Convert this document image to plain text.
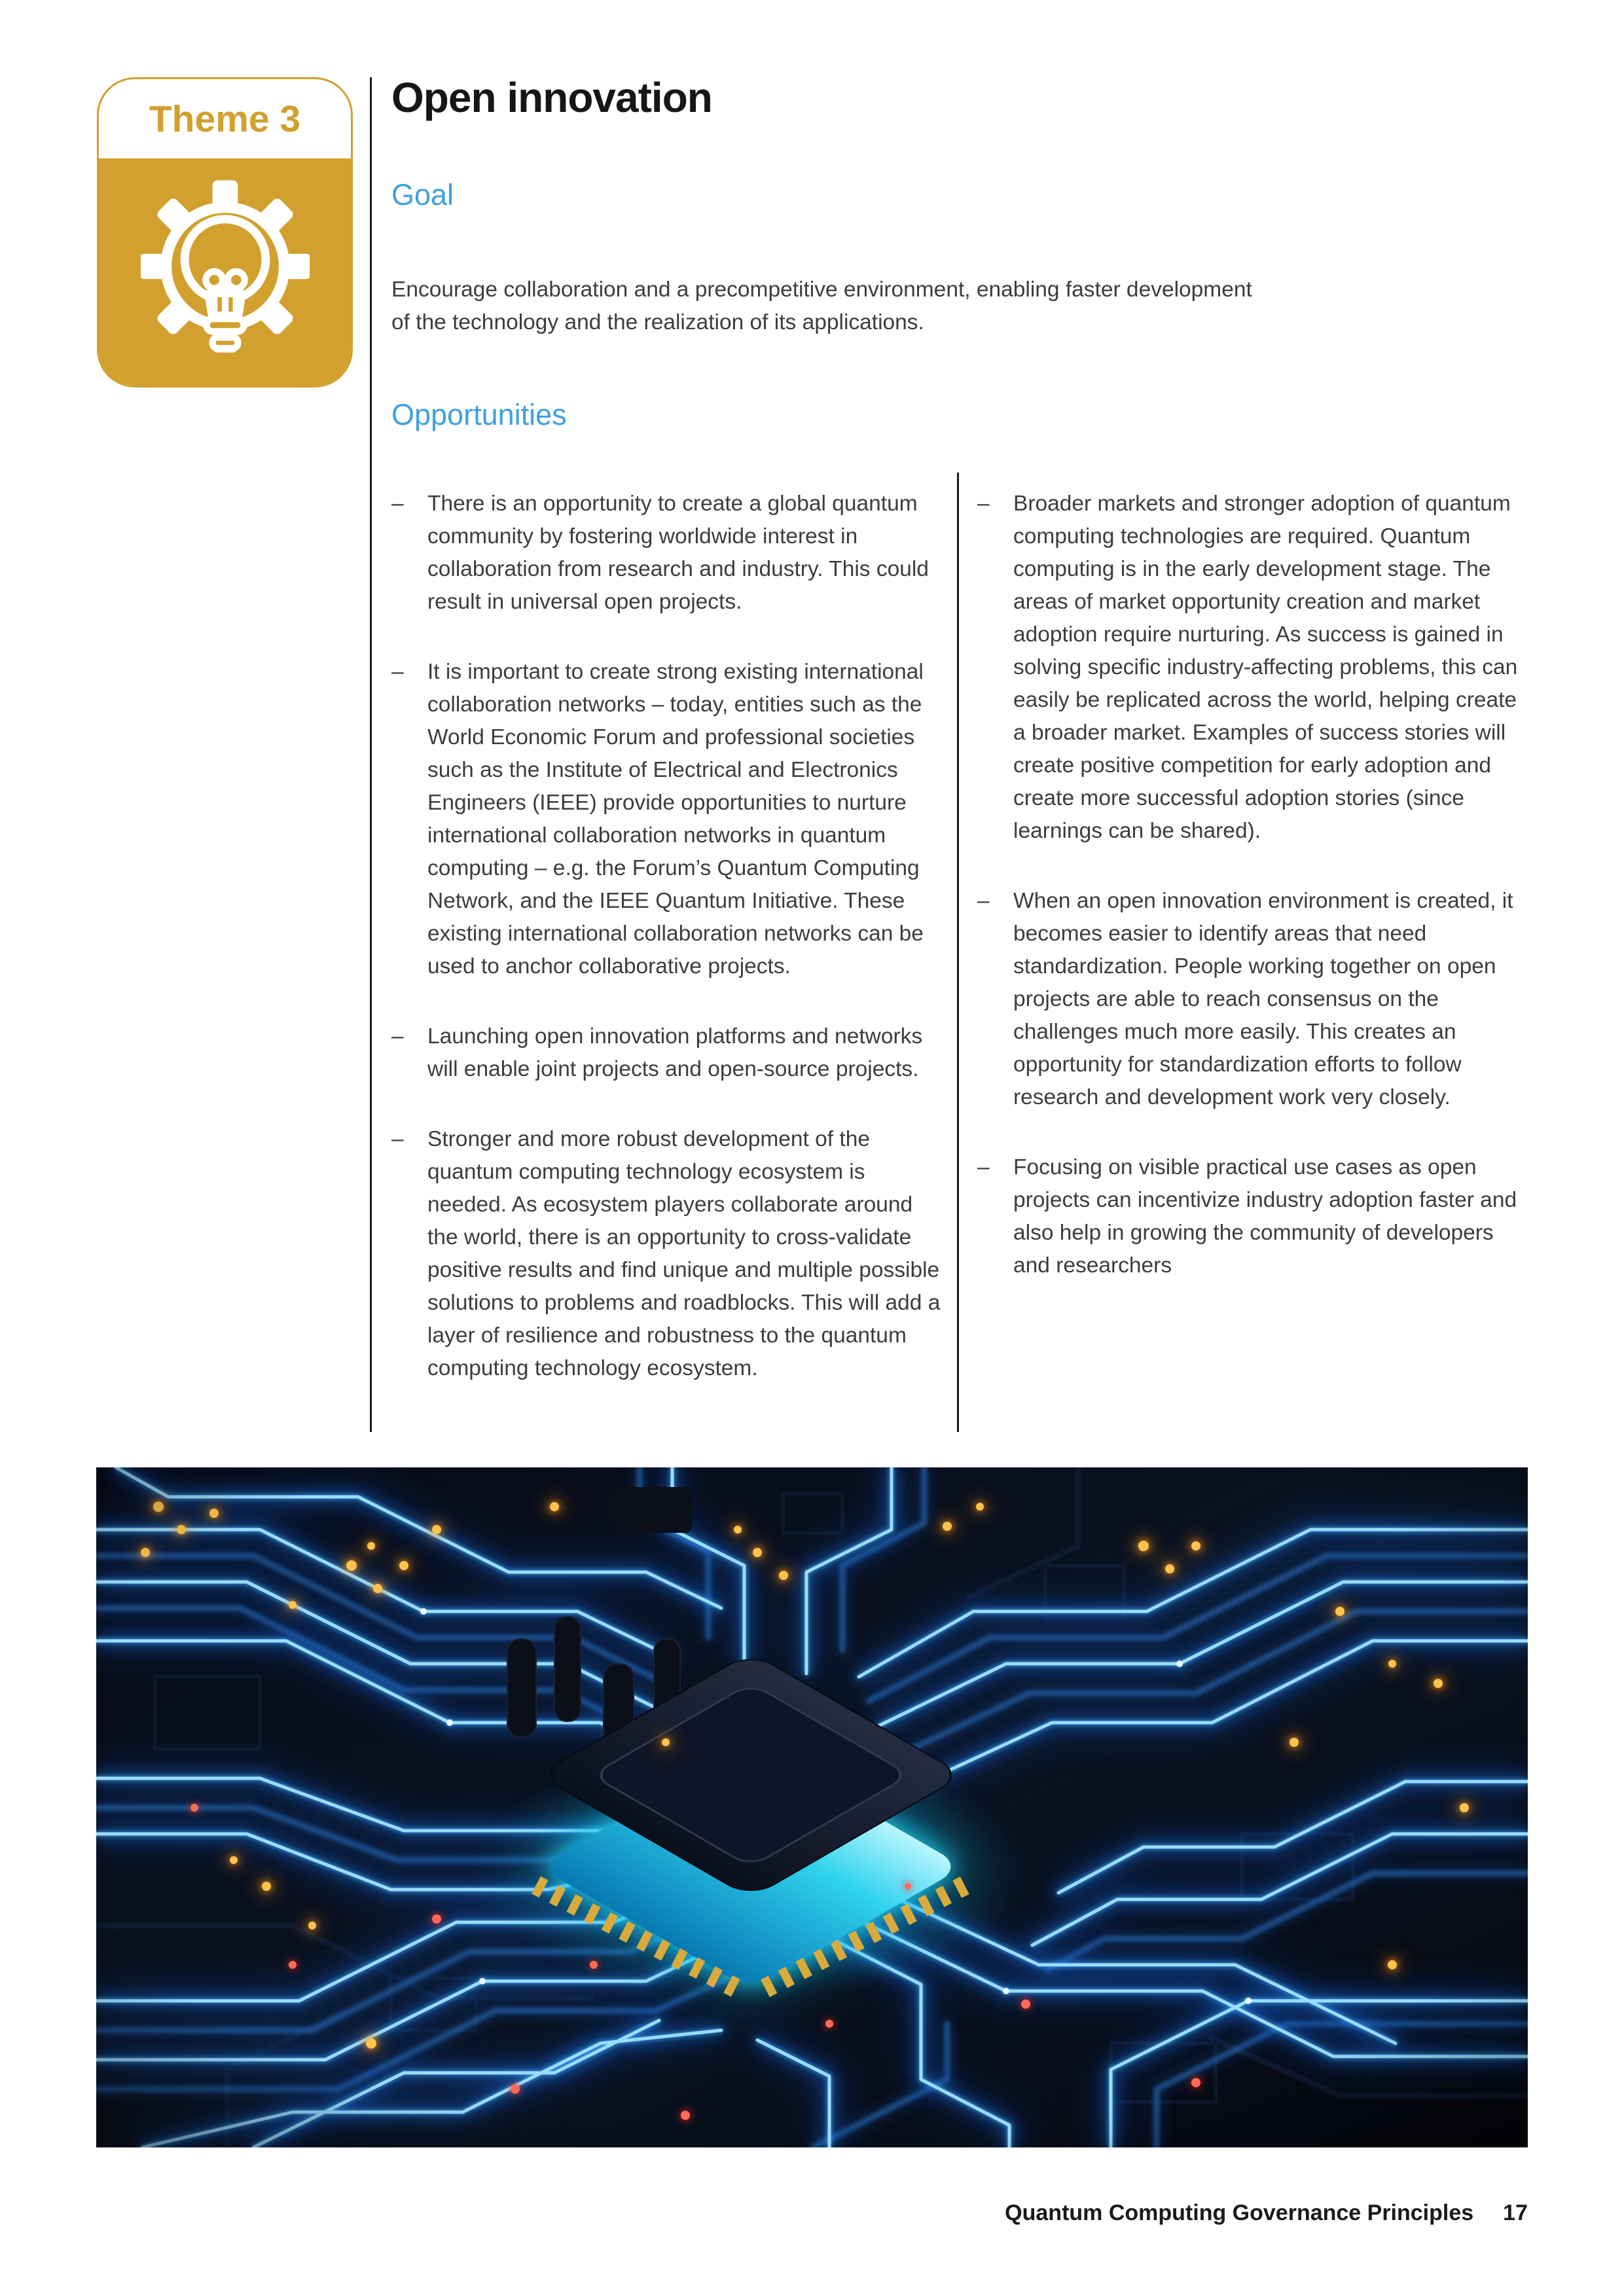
Theme 3	Open innovation
Goal

Encourage collaboration and a precompetitive environment, enabling faster development of the technology and the realization of its applications.

Opportunities
–	There is an opportunity to create a global quantum community by fostering worldwide interest in collaboration from research and industry. This could result in universal open projects.
–	It is important to create strong existing international collaboration networks – today, entities such as the World Economic Forum and professional societies such as the Institute of Electrical and Electronics Engineers (IEEE) provide opportunities to nurture international collaboration networks in quantum computing – e.g. the Forum’s Quantum Computing Network, and the IEEE Quantum Initiative. These existing international collaboration networks can be used to anchor collaborative projects.
–	Launching open innovation platforms and networks will enable joint projects and open-source projects.
–	Stronger and more robust development of the quantum computing technology ecosystem is needed. As ecosystem players collaborate around the world, there is an opportunity to cross-validate positive results and find unique and multiple possible solutions to problems and roadblocks. This will add a layer of resilience and robustness to the quantum computing technology ecosystem.
–	Broader markets and stronger adoption of quantum computing technologies are required. Quantum computing is in the early development stage. The areas of market opportunity creation and market adoption require nurturing. As success is gained in solving specific industry-affecting problems, this can easily be replicated across the world, helping create a broader market. Examples of success stories will create positive competition for early adoption and create more successful adoption stories (since learnings can be shared).
–	When an open innovation environment is created, it becomes easier to identify areas that need standardization. People working together on open projects are able to reach consensus on the challenges much more easily. This creates an opportunity for standardization efforts to follow research and development work very closely.
–	Focusing on visible practical use cases as open projects can incentivize industry adoption faster and also help in growing the community of developers and researchers
Quantum Computing Governance Principles 17
